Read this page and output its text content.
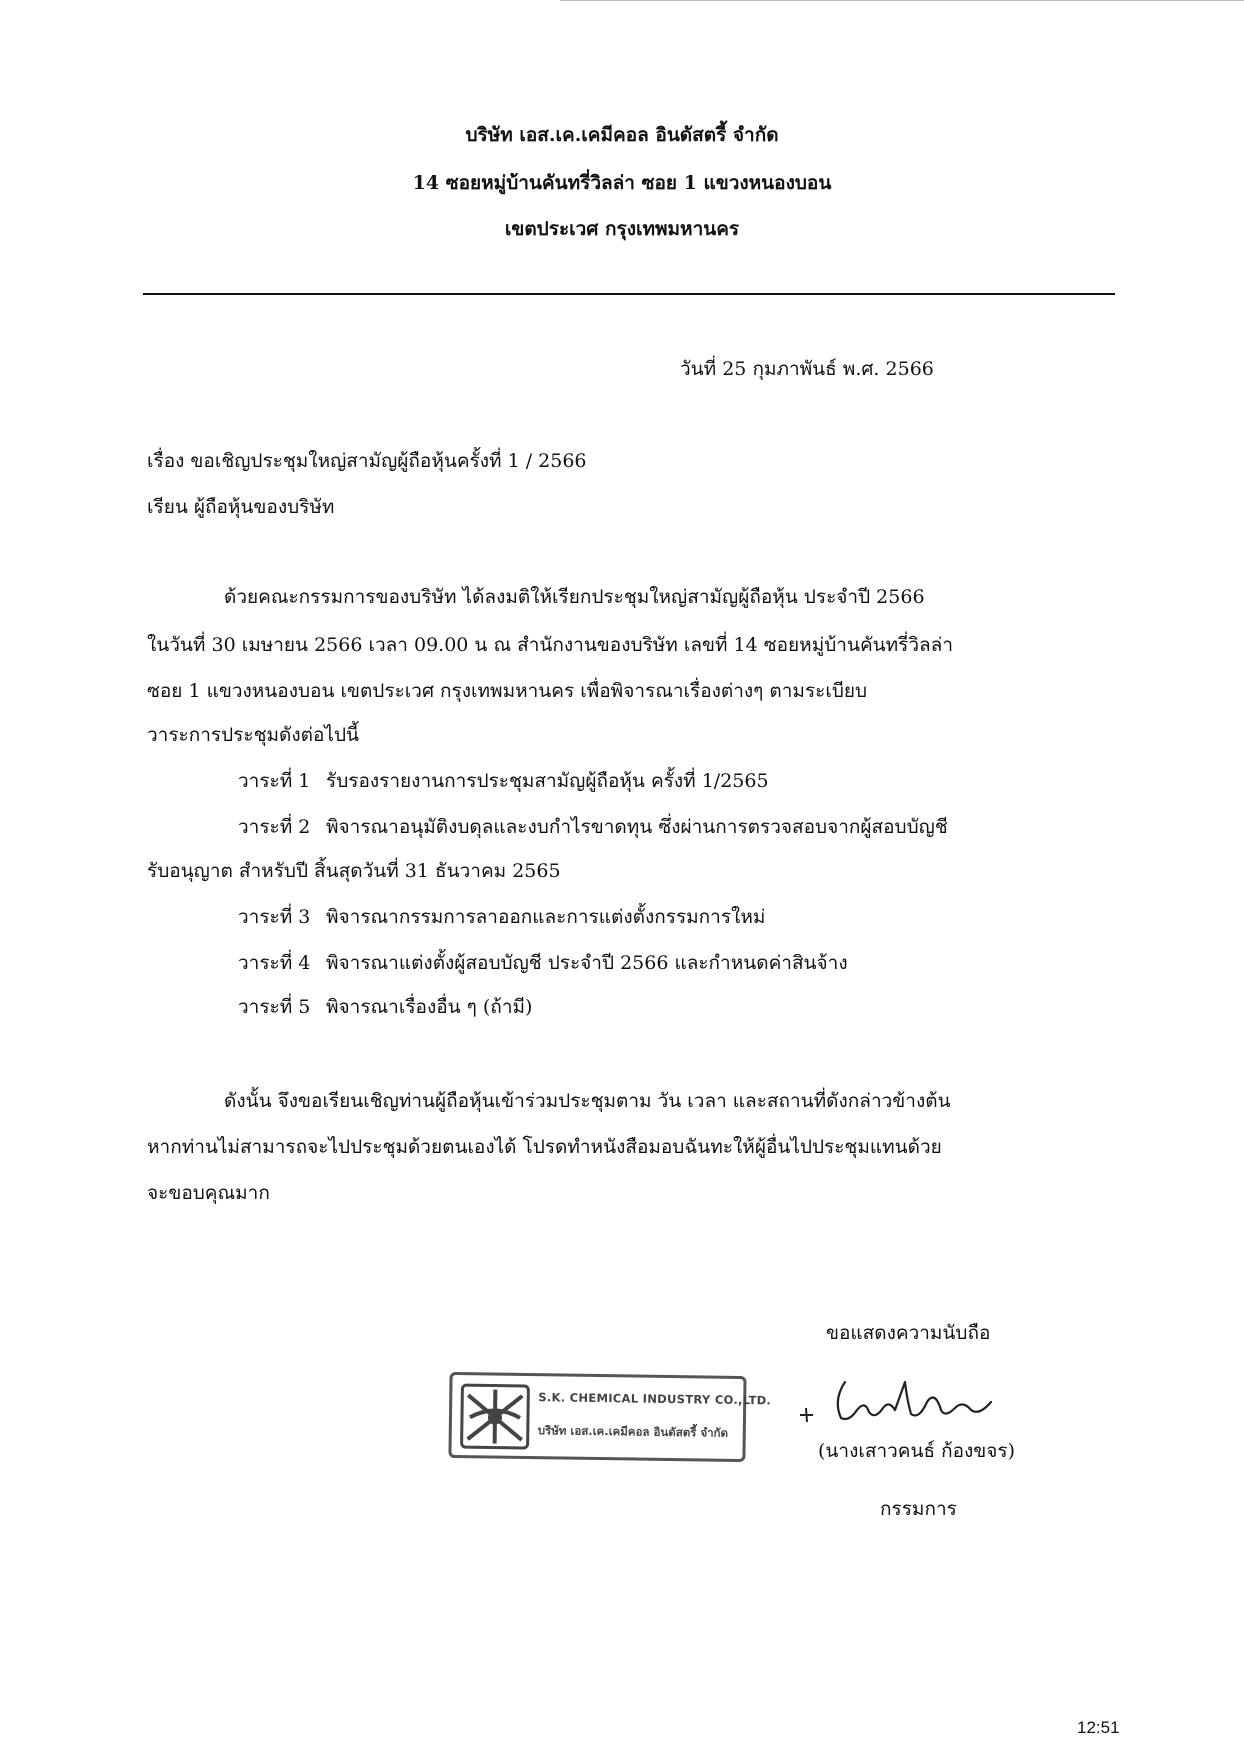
บริษัท เอส.เค.เคมีคอล อินดัสตรี้ จำกัด
14 ซอยหมู่บ้านคันทรี่วิลล่า ซอย 1 แขวงหนองบอน
เขตประเวศ กรุงเทพมหานคร
วันที่ 25 กุมภาพันธ์ พ.ศ. 2566
เรื่อง ขอเชิญประชุมใหญ่สามัญผู้ถือหุ้นครั้งที่ 1 / 2566
เรียน ผู้ถือหุ้นของบริษัท
ด้วยคณะกรรมการของบริษัท ได้ลงมติให้เรียกประชุมใหญ่สามัญผู้ถือหุ้น ประจำปี 2566
ในวันที่ 30 เมษายน 2566 เวลา 09.00 น ณ สำนักงานของบริษัท เลขที่ 14 ซอยหมู่บ้านคันทรี่วิลล่า
ซอย 1 แขวงหนองบอน เขตประเวศ กรุงเทพมหานคร เพื่อพิจารณาเรื่องต่างๆ ตามระเบียบ
วาระการประชุมดังต่อไปนี้
วาระที่ 1 รับรองรายงานการประชุมสามัญผู้ถือหุ้น ครั้งที่ 1/2565
วาระที่ 2 พิจารณาอนุมัติงบดุลและงบกำไรขาดทุน ซึ่งผ่านการตรวจสอบจากผู้สอบบัญชี
รับอนุญาต สำหรับปี สิ้นสุดวันที่ 31 ธันวาคม 2565
วาระที่ 3 พิจารณากรรมการลาออกและการแต่งตั้งกรรมการใหม่
วาระที่ 4 พิจารณาแต่งตั้งผู้สอบบัญชี ประจำปี 2566 และกำหนดค่าสินจ้าง
วาระที่ 5 พิจารณาเรื่องอื่น ๆ (ถ้ามี)
ดังนั้น จึงขอเรียนเชิญท่านผู้ถือหุ้นเข้าร่วมประชุมตาม วัน เวลา และสถานที่ดังกล่าวข้างต้น
หากท่านไม่สามารถจะไปประชุมด้วยตนเองได้ โปรดทำหนังสือมอบฉันทะให้ผู้อื่นไปประชุมแทนด้วย
จะขอบคุณมาก
ขอแสดงความนับถือ
S.K. CHEMICAL INDUSTRY CO.,LTD.
บริษัท เอส.เค.เคมีคอล อินดัสตรี้ จำกัด
(นางเสาวคนธ์ ก้องขจร)
กรรมการ
12:51
